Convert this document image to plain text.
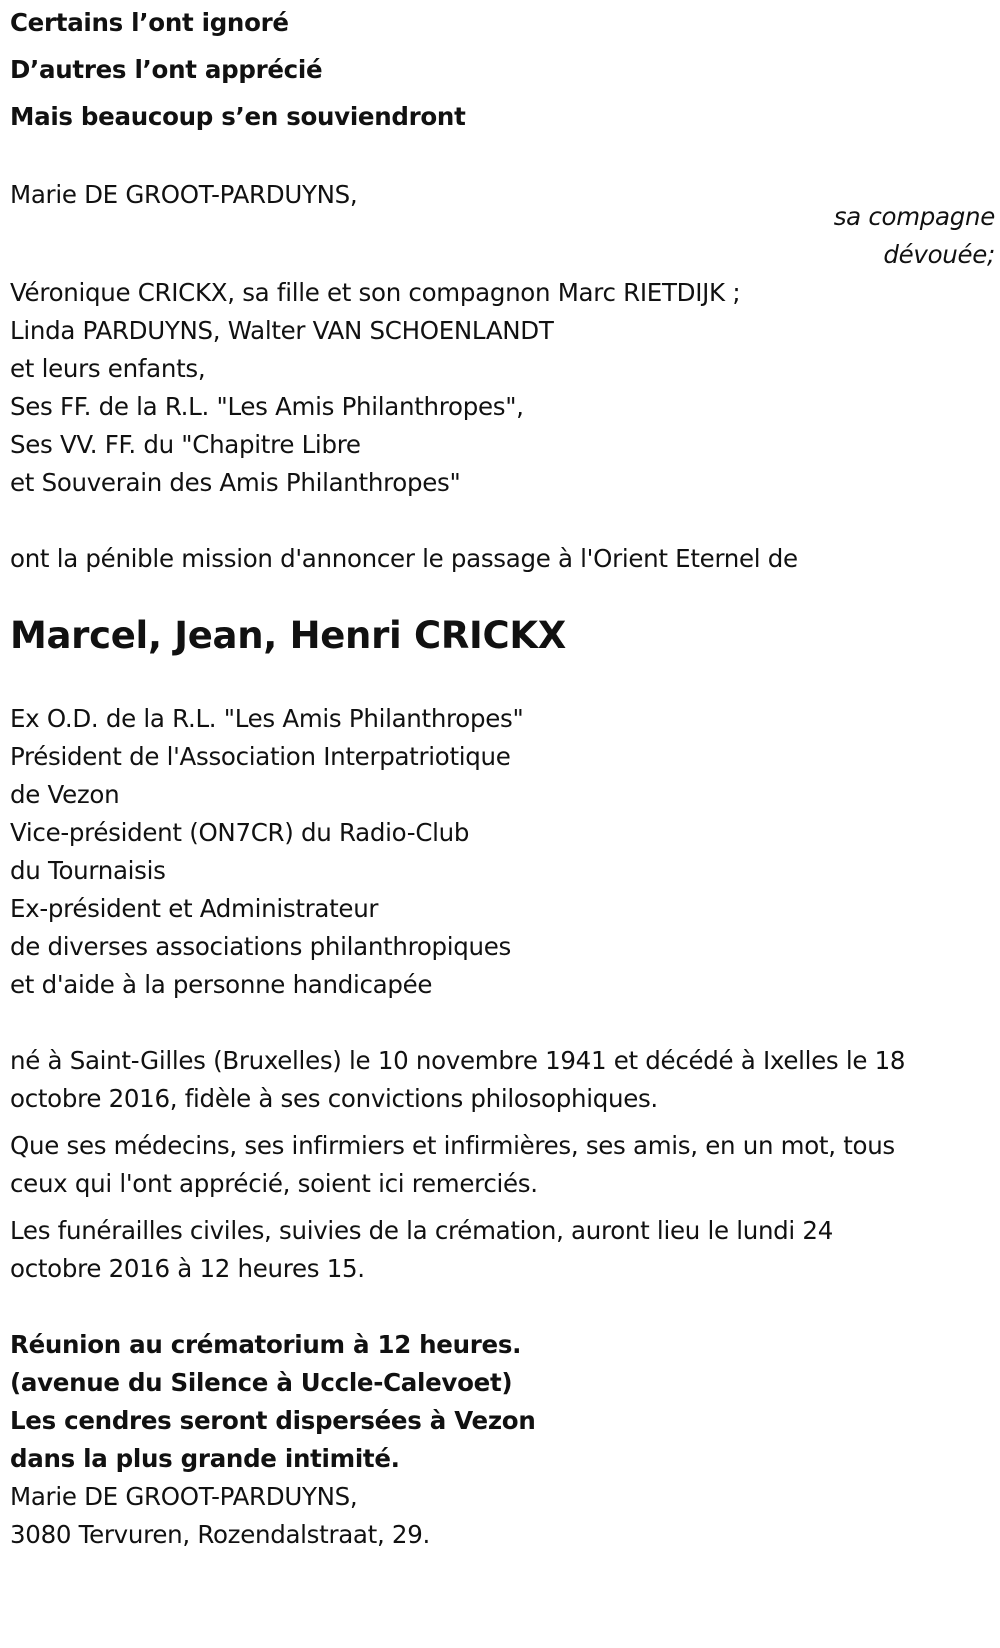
Certains l’ont ignoré
D’autres l’ont apprécié
Mais beaucoup s’en souviendront
Marie DE GROOT-PARDUYNS,
sa compagne
dévouée;
Véronique CRICKX, sa fille et son compagnon Marc RIETDIJK ;
Linda PARDUYNS, Walter VAN SCHOENLANDT
et leurs enfants,
Ses FF. de la R.L. "Les Amis Philanthropes",
Ses VV. FF. du "Chapitre Libre
et Souverain des Amis Philanthropes"
ont la pénible mission d'annoncer le passage à l'Orient Eternel de
Marcel, Jean, Henri CRICKX
Ex O.D. de la R.L. "Les Amis Philanthropes"
Président de l'Association Interpatriotique
de Vezon
Vice-président (ON7CR) du Radio-Club
du Tournaisis
Ex-président et Administrateur
de diverses associations philanthropiques
et d'aide à la personne handicapée
né à Saint-Gilles (Bruxelles) le 10 novembre 1941 et décédé à Ixelles le 18
octobre 2016, fidèle à ses convictions philosophiques.
Que ses médecins, ses infirmiers et infirmières, ses amis, en un mot, tous
ceux qui l'ont apprécié, soient ici remerciés.
Les funérailles civiles, suivies de la crémation, auront lieu le lundi 24
octobre 2016 à 12 heures 15.
Réunion au crématorium à 12 heures.
(avenue du Silence à Uccle-Calevoet)
Les cendres seront dispersées à Vezon
dans la plus grande intimité.
Marie DE GROOT-PARDUYNS,
3080 Tervuren, Rozendalstraat, 29.
